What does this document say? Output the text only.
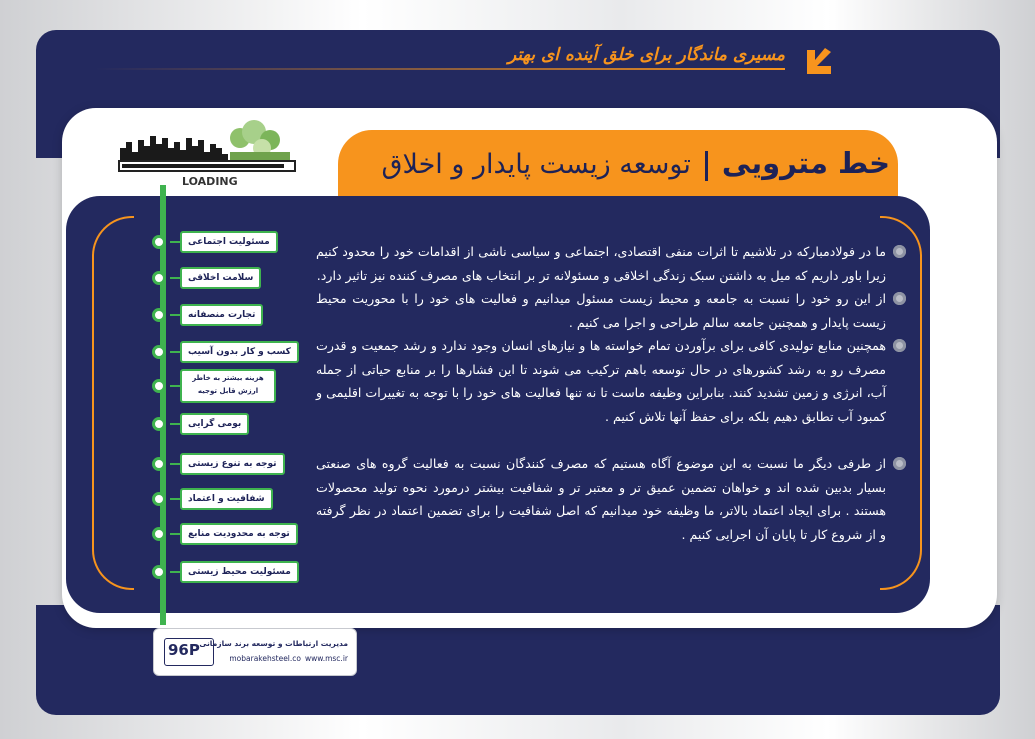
مسیری ماندگار برای خلق آینده ای بهتر
خط متروییتوسعه زیست پایدار و اخلاق
LOADING
مسئولیت اجتماعی
سلامت اخلاقی
تجارت منصفانه
کسب و کار بدون آسیب
هزینه بیشتر به خاطر ارزش قابل توجیه
بومی گرایی
توجه به تنوع زیستی
شفافیت و اعتماد
توجه به محدودیت منابع
مسئولیت محیط زیستی

ما در فولادمبارکه در تلاشیم تا اثرات منفی اقتصادی، اجتماعی و سیاسی ناشی از اقدامات خود را محدود کنیم زیرا باور داریم که میل به داشتن سبک زندگی اخلاقی و مسئولانه تر بر انتخاب های مصرف کننده نیز تاثیر دارد.

از این رو خود را نسبت به جامعه و محیط زیست مسئول میدانیم و فعالیت های خود را با محوریت محیط زیست پایدار و همچنین جامعه سالم طراحی و اجرا می کنیم .

همچنین منابع تولیدی کافی برای برآوردن تمام خواسته ها و نیازهای انسان وجود ندارد و رشد جمعیت و قدرت مصرف رو به رشد کشورهای در حال توسعه باهم ترکیب می شوند تا این فشارها را بر منابع حیاتی از جمله آب، انرژی و زمین تشدید کنند. بنابراین وظیفه ماست تا نه تنها فعالیت های خود را با توجه به تغییرات اقلیمی و کمبود آب تطابق دهیم بلکه برای حفظ آنها تلاش کنیم .

از طرفی دیگر ما نسبت به این موضوع آگاه هستیم که مصرف کنندگان نسبت به فعالیت گروه های صنعتی بسیار بدبین شده اند و خواهان تضمین عمیق تر و معتبر تر و شفافیت بیشتر درمورد نحوه تولید محصولات هستند . برای ایجاد اعتماد بالاتر، ما وظیفه خود میدانیم که اصل شفافیت را برای تضمین اعتماد در نظر گرفته و از شروع کار تا پایان آن اجرایی کنیم .

96P مدیریت ارتباطات و توسعه برند سازمانی
mobarakehsteel.co www.msc.ir
